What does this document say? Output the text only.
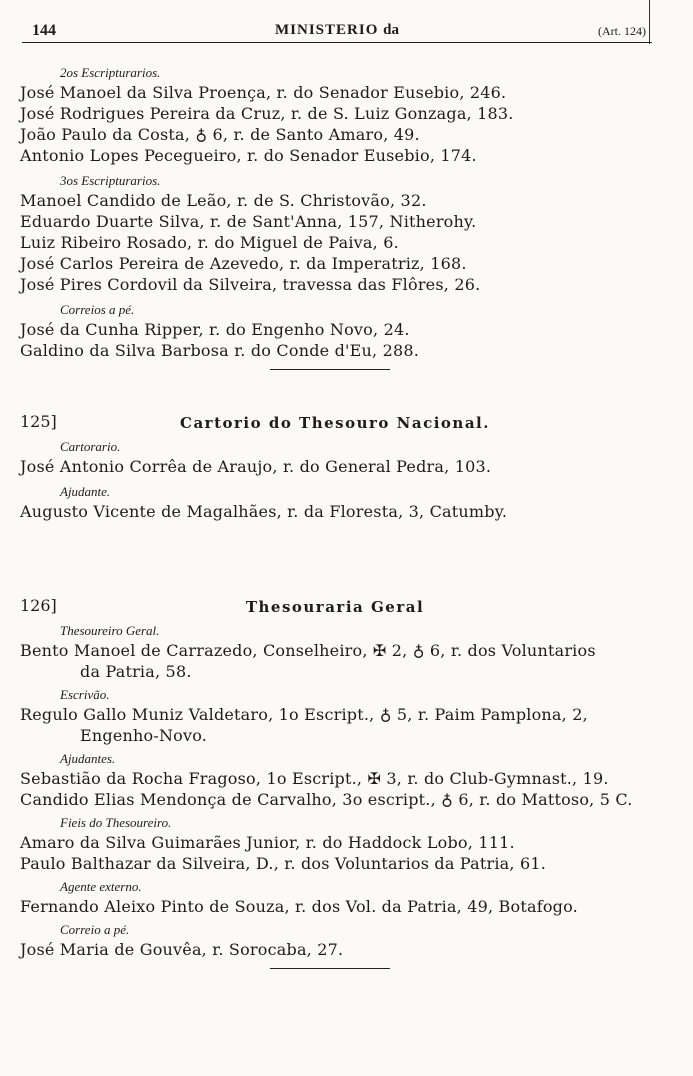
144	MINISTERIO da	(Art. 124)
2os Escripturarios.
José Manoel da Silva Proença, r. do Senador Eusebio, 246.
José Rodrigues Pereira da Cruz, r. de S. Luiz Gonzaga, 183.
João Paulo da Costa, ♁ 6, r. de Santo Amaro, 49.
Antonio Lopes Pecegueiro, r. do Senador Eusebio, 174.
3os Escripturarios.
Manoel Candido de Leão, r. de S. Christovão, 32.
Eduardo Duarte Silva, r. de Sant'Anna, 157, Nitherohy.
Luiz Ribeiro Rosado, r. do Miguel de Paiva, 6.
José Carlos Pereira de Azevedo, r. da Imperatriz, 168.
José Pires Cordovil da Silveira, travessa das Flôres, 26.
Correios a pé.
José da Cunha Ripper, r. do Engenho Novo, 24.
Galdino da Silva Barbosa r. do Conde d'Eu, 288.
125]	Cartorio do Thesouro Nacional.
Cartorario.
José Antonio Corrêa de Araujo, r. do General Pedra, 103.
Ajudante.
Augusto Vicente de Magalhães, r. da Floresta, 3, Catumby.
126]	Thesouraria Geral
Thesoureiro Geral.
Bento Manoel de Carrazedo, Conselheiro, ✠ 2, ♁ 6, r. dos Voluntarios
da Patria, 58.
Escrivão.
Regulo Gallo Muniz Valdetaro, 1o Escript., ♁ 5, r. Paim Pamplona, 2,
Engenho-Novo.
Ajudantes.
Sebastião da Rocha Fragoso, 1o Escript., ✠ 3, r. do Club-Gymnast., 19.
Candido Elias Mendonça de Carvalho, 3o escript., ♁ 6, r. do Mattoso, 5 C.
Fieis do Thesoureiro.
Amaro da Silva Guimarães Junior, r. do Haddock Lobo, 111.
Paulo Balthazar da Silveira, D., r. dos Voluntarios da Patria, 61.
Agente externo.
Fernando Aleixo Pinto de Souza, r. dos Vol. da Patria, 49, Botafogo.
Correio a pé.
José Maria de Gouvêa, r. Sorocaba, 27.
